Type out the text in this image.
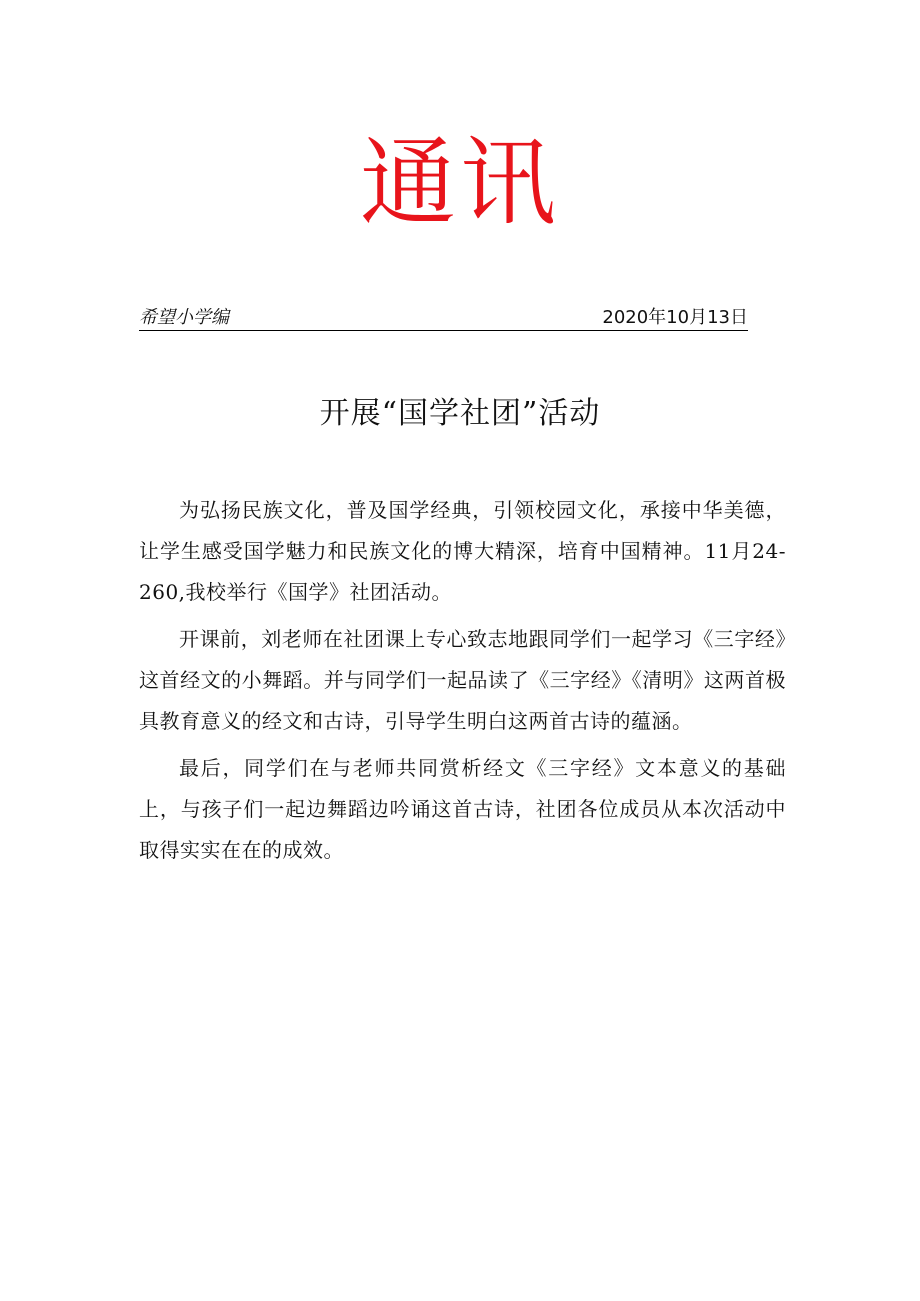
通讯
希望小学编	2020年10月13日
开展“国学社团”活动

为弘扬民族文化，普及国学经典，引领校园文化，承接中华美德，让学生感受国学魅力和民族文化的博大精深，培育中国精神。11月24-260,我校举行《国学》社团活动。

开课前，刘老师在社团课上专心致志地跟同学们一起学习《三字经》这首经文的小舞蹈。并与同学们一起品读了《三字经》《清明》这两首极具教育意义的经文和古诗，引导学生明白这两首古诗的蕴涵。

最后，同学们在与老师共同赏析经文《三字经》文本意义的基础上，与孩子们一起边舞蹈边吟诵这首古诗，社团各位成员从本次活动中取得实实在在的成效。
